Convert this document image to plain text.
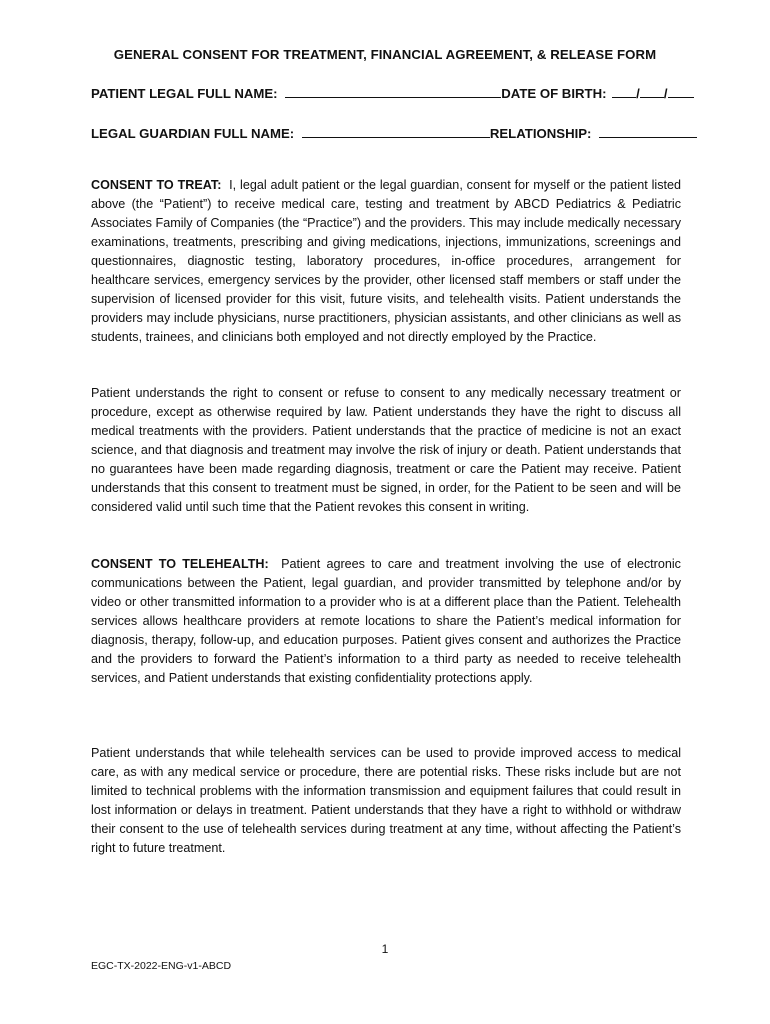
GENERAL CONSENT FOR TREATMENT, FINANCIAL AGREEMENT, & RELEASE FORM
PATIENT LEGAL FULL NAME:	DATE OF BIRTH: / /
LEGAL GUARDIAN FULL NAME:	RELATIONSHIP:

CONSENT TO TREAT: I, legal adult patient or the legal guardian, consent for myself or the patient listed above (the “Patient”) to receive medical care, testing and treatment by ABCD Pediatrics & Pediatric Associates Family of Companies (the “Practice”) and the providers. This may include medically necessary examinations, treatments, prescribing and giving medications, injections, immunizations, screenings and questionnaires, diagnostic testing, laboratory procedures, in-office procedures, arrangement for healthcare services, emergency services by the provider, other licensed staff members or staff under the supervision of licensed provider for this visit, future visits, and telehealth visits. Patient understands the providers may include physicians, nurse practitioners, physician assistants, and other clinicians as well as students, trainees, and clinicians both employed and not directly employed by the Practice.

Patient understands the right to consent or refuse to consent to any medically necessary treatment or procedure, except as otherwise required by law. Patient understands they have the right to discuss all medical treatments with the providers. Patient understands that the practice of medicine is not an exact science, and that diagnosis and treatment may involve the risk of injury or death. Patient understands that no guarantees have been made regarding diagnosis, treatment or care the Patient may receive. Patient understands that this consent to treatment must be signed, in order, for the Patient to be seen and will be considered valid until such time that the Patient revokes this consent in writing.

CONSENT TO TELEHEALTH: Patient agrees to care and treatment involving the use of electronic communications between the Patient, legal guardian, and provider transmitted by telephone and/or by video or other transmitted information to a provider who is at a different place than the Patient. Telehealth services allows healthcare providers at remote locations to share the Patient’s medical information for diagnosis, therapy, follow-up, and education purposes. Patient gives consent and authorizes the Practice and the providers to forward the Patient’s information to a third party as needed to receive telehealth services, and Patient understands that existing confidentiality protections apply.

Patient understands that while telehealth services can be used to provide improved access to medical care, as with any medical service or procedure, there are potential risks. These risks include but are not limited to technical problems with the information transmission and equipment failures that could result in lost information or delays in treatment. Patient understands that they have a right to withhold or withdraw their consent to the use of telehealth services during treatment at any time, without affecting the Patient’s right to future treatment.

1
EGC-TX-2022-ENG-v1-ABCD
